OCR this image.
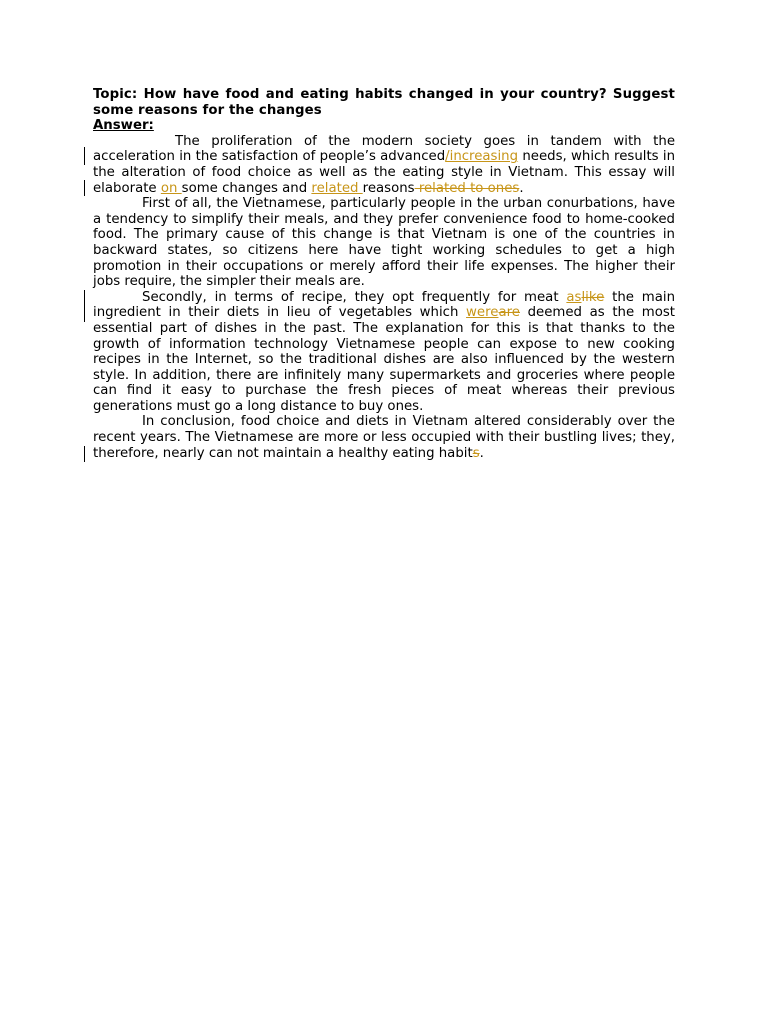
Topic: How have food and eating habits changed in your country? Suggest some reasons for the changes
Answer:

The proliferation of the modern society goes in tandem with the acceleration in the satisfaction of people’s advanced/increasing needs, which results in the alteration of food choice as well as the eating style in Vietnam. This essay will elaborate on some changes and related reasons related to ones.

First of all, the Vietnamese, particularly people in the urban conurbations, have a tendency to simplify their meals, and they prefer convenience food to home-cooked food. The primary cause of this change is that Vietnam is one of the countries in backward states, so citizens here have tight working schedules to get a high promotion in their occupations or merely afford their life expenses. The higher their jobs require, the simpler their meals are.

Secondly, in terms of recipe, they opt frequently for meat aslike the main ingredient in their diets in lieu of vegetables which wereare deemed as the most essential part of dishes in the past. The explanation for this is that thanks to the growth of information technology Vietnamese people can expose to new cooking recipes in the Internet, so the traditional dishes are also influenced by the western style. In addition, there are infinitely many supermarkets and groceries where people can find it easy to purchase the fresh pieces of meat whereas their previous generations must go a long distance to buy ones.

In conclusion, food choice and diets in Vietnam altered considerably over the recent years. The Vietnamese are more or less occupied with their bustling lives; they, therefore, nearly can not maintain a healthy eating habits.
